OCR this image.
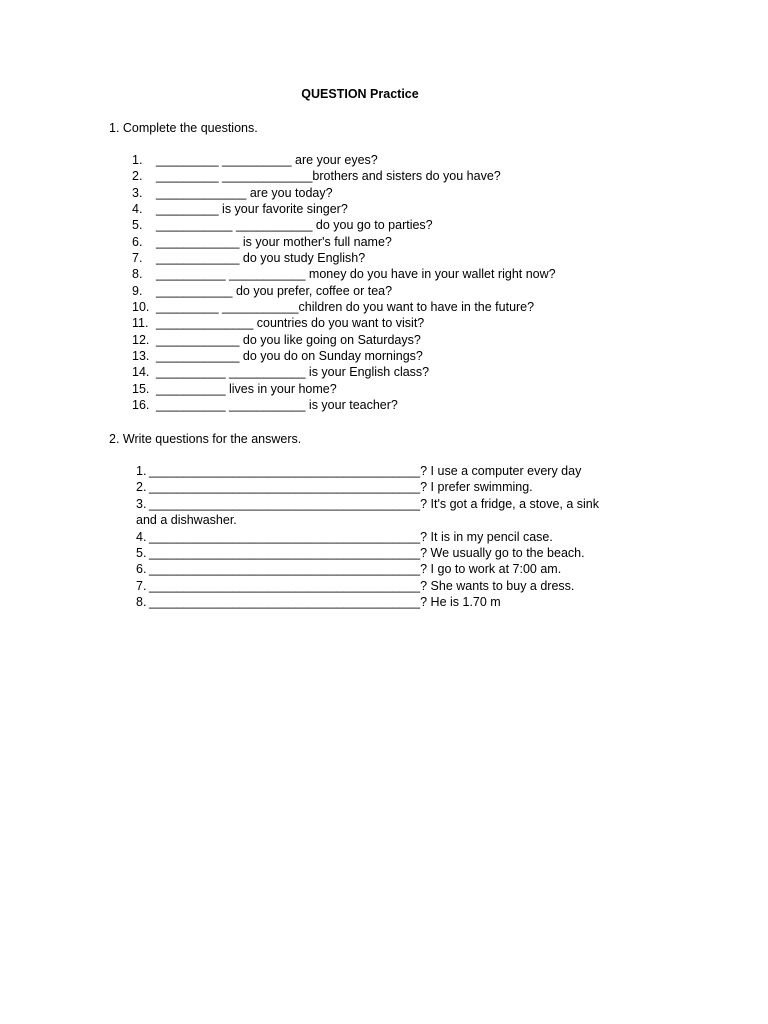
QUESTION Practice
1. Complete the questions.
1.	_________ __________ are your eyes?
2.	_________ _____________brothers and sisters do you have?
3.	_____________ are you today?
4.	_________ is your favorite singer?
5.	___________ ___________ do you go to parties?
6.	____________ is your mother's full name?
7.	____________ do you study English?
8.	__________ ___________ money do you have in your wallet right now?
9.	___________ do you prefer, coffee or tea?
10. _________ ___________children do you want to have in the future?
11. ______________ countries do you want to visit?
12. ____________ do you like going on Saturdays?
13. ____________ do you do on Sunday mornings?
14. __________ ___________ is your English class?
15. __________ lives in your home?
16. __________ ___________ is your teacher?
2. Write questions for the answers.
1. _______________________________________? I use a computer every day
2. _______________________________________? I prefer swimming.
3. _______________________________________? It's got a fridge, a stove, a sink
and a dishwasher.
4. _______________________________________? It is in my pencil case.
5. _______________________________________? We usually go to the beach.
6. _______________________________________? I go to work at 7:00 am.
7. _______________________________________? She wants to buy a dress.
8. _______________________________________? He is 1.70 m
